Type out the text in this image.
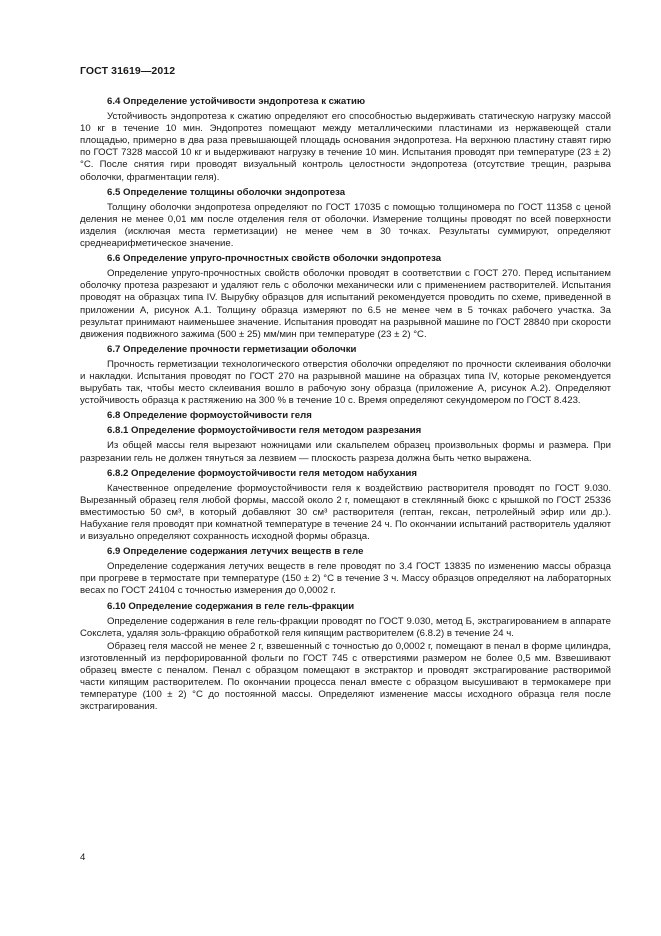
ГОСТ 31619—2012
6.4 Определение устойчивости эндопротеза к сжатию

Устойчивость эндопротеза к сжатию определяют его способностью выдерживать статическую нагрузку массой 10 кг в течение 10 мин. Эндопротез помещают между металлическими пластинами из нержавеющей стали площадью, примерно в два раза превышающей площадь основания эндопротеза. На верхнюю пластину ставят гирю по ГОСТ 7328 массой 10 кг и выдерживают нагрузку в течение 10 мин. Испытания проводят при температуре (23 ± 2) °С. После снятия гири проводят визуальный контроль целостности эндопротеза (отсутствие трещин, разрыва оболочки, фрагментации геля).

6.5 Определение толщины оболочки эндопротеза

Толщину оболочки эндопротеза определяют по ГОСТ 17035 с помощью толщиномера по ГОСТ 11358 с ценой деления не менее 0,01 мм после отделения геля от оболочки. Измерение толщины проводят по всей поверхности изделия (исключая места герметизации) не менее чем в 30 точках. Результаты суммируют, определяют среднеарифметическое значение.

6.6 Определение упруго-прочностных свойств оболочки эндопротеза

Определение упруго-прочностных свойств оболочки проводят в соответствии с ГОСТ 270. Перед испытанием оболочку протеза разрезают и удаляют гель с оболочки механически или с применением растворителей. Испытания проводят на образцах типа IV. Вырубку образцов для испытаний рекомендуется проводить по схеме, приведенной в приложении А, рисунок А.1. Толщину образца измеряют по 6.5 не менее чем в 5 точках рабочего участка. За результат принимают наименьшее значение. Испытания проводят на разрывной машине по ГОСТ 28840 при скорости движения подвижного зажима (500 ± 25) мм/мин при температуре (23 ± 2) °С.

6.7 Определение прочности герметизации оболочки

Прочность герметизации технологического отверстия оболочки определяют по прочности склеивания оболочки и накладки. Испытания проводят по ГОСТ 270 на разрывной машине на образцах типа IV, которые рекомендуется вырубать так, чтобы место склеивания вошло в рабочую зону образца (приложение А, рисунок А.2). Определяют устойчивость образца к растяжению на 300 % в течение 10 с. Время определяют секундомером по ГОСТ 8.423.

6.8 Определение формоустойчивости геля
6.8.1 Определение формоустойчивости геля методом разрезания

Из общей массы геля вырезают ножницами или скальпелем образец произвольных формы и размера. При разрезании гель не должен тянуться за лезвием — плоскость разреза должна быть четко выражена.

6.8.2 Определение формоустойчивости геля методом набухания

Качественное определение формоустойчивости геля к воздействию растворителя проводят по ГОСТ 9.030. Вырезанный образец геля любой формы, массой около 2 г, помещают в стеклянный бюкс с крышкой по ГОСТ 25336 вместимостью 50 см³, в который добавляют 30 см³ растворителя (гептан, гексан, петролейный эфир или др.). Набухание геля проводят при комнатной температуре в течение 24 ч. По окончании испытаний растворитель удаляют и визуально определяют сохранность исходной формы образца.

6.9 Определение содержания летучих веществ в геле

Определение содержания летучих веществ в геле проводят по 3.4 ГОСТ 13835 по изменению массы образца при прогреве в термостате при температуре (150 ± 2) °С в течение 3 ч. Массу образцов определяют на лабораторных весах по ГОСТ 24104 с точностью измерения до 0,0002 г.

6.10 Определение содержания в геле гель-фракции

Определение содержания в геле гель-фракции проводят по ГОСТ 9.030, метод Б, экстрагированием в аппарате Сокслета, удаляя золь-фракцию обработкой геля кипящим растворителем (6.8.2) в течение 24 ч.

Образец геля массой не менее 2 г, взвешенный с точностью до 0,0002 г, помещают в пенал в форме цилиндра, изготовленный из перфорированной фольги по ГОСТ 745 с отверстиями размером не более 0,5 мм. Взвешивают образец вместе с пеналом. Пенал с образцом помещают в экстрактор и проводят экстрагирование растворимой части кипящим растворителем. По окончании процесса пенал вместе с образцом высушивают в термокамере при температуре (100 ± 2) °С до постоянной массы. Определяют изменение массы исходного образца геля после экстрагирования.

4
